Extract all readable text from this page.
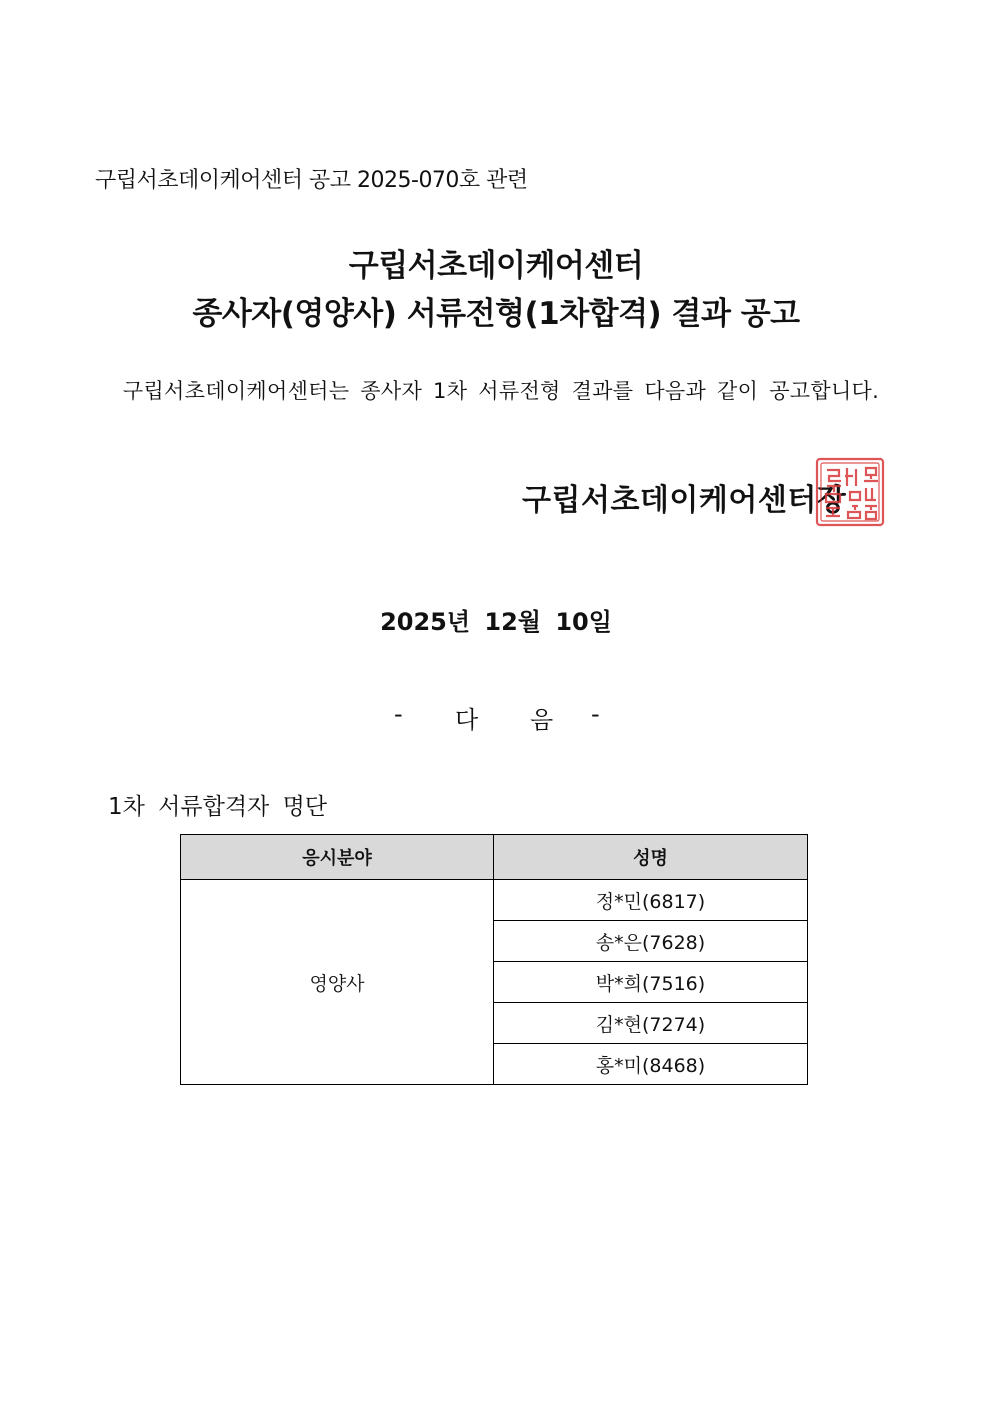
구립서초데이케어센터 공고 2025-070호 관련
구립서초데이케어센터
종사자(영양사) 서류전형(1차합격) 결과 공고
구립서초데이케어센터는 종사자 1차 서류전형 결과를 다음과 같이 공고합니다.
구립서초데이케어센터장
2025년 12월 10일
- 다 음 -
1차 서류합격자 명단
응시분야	성명
영양사	정*민(6817)
	송*은(7628)
	박*희(7516)
	김*현(7274)
	홍*미(8468)
